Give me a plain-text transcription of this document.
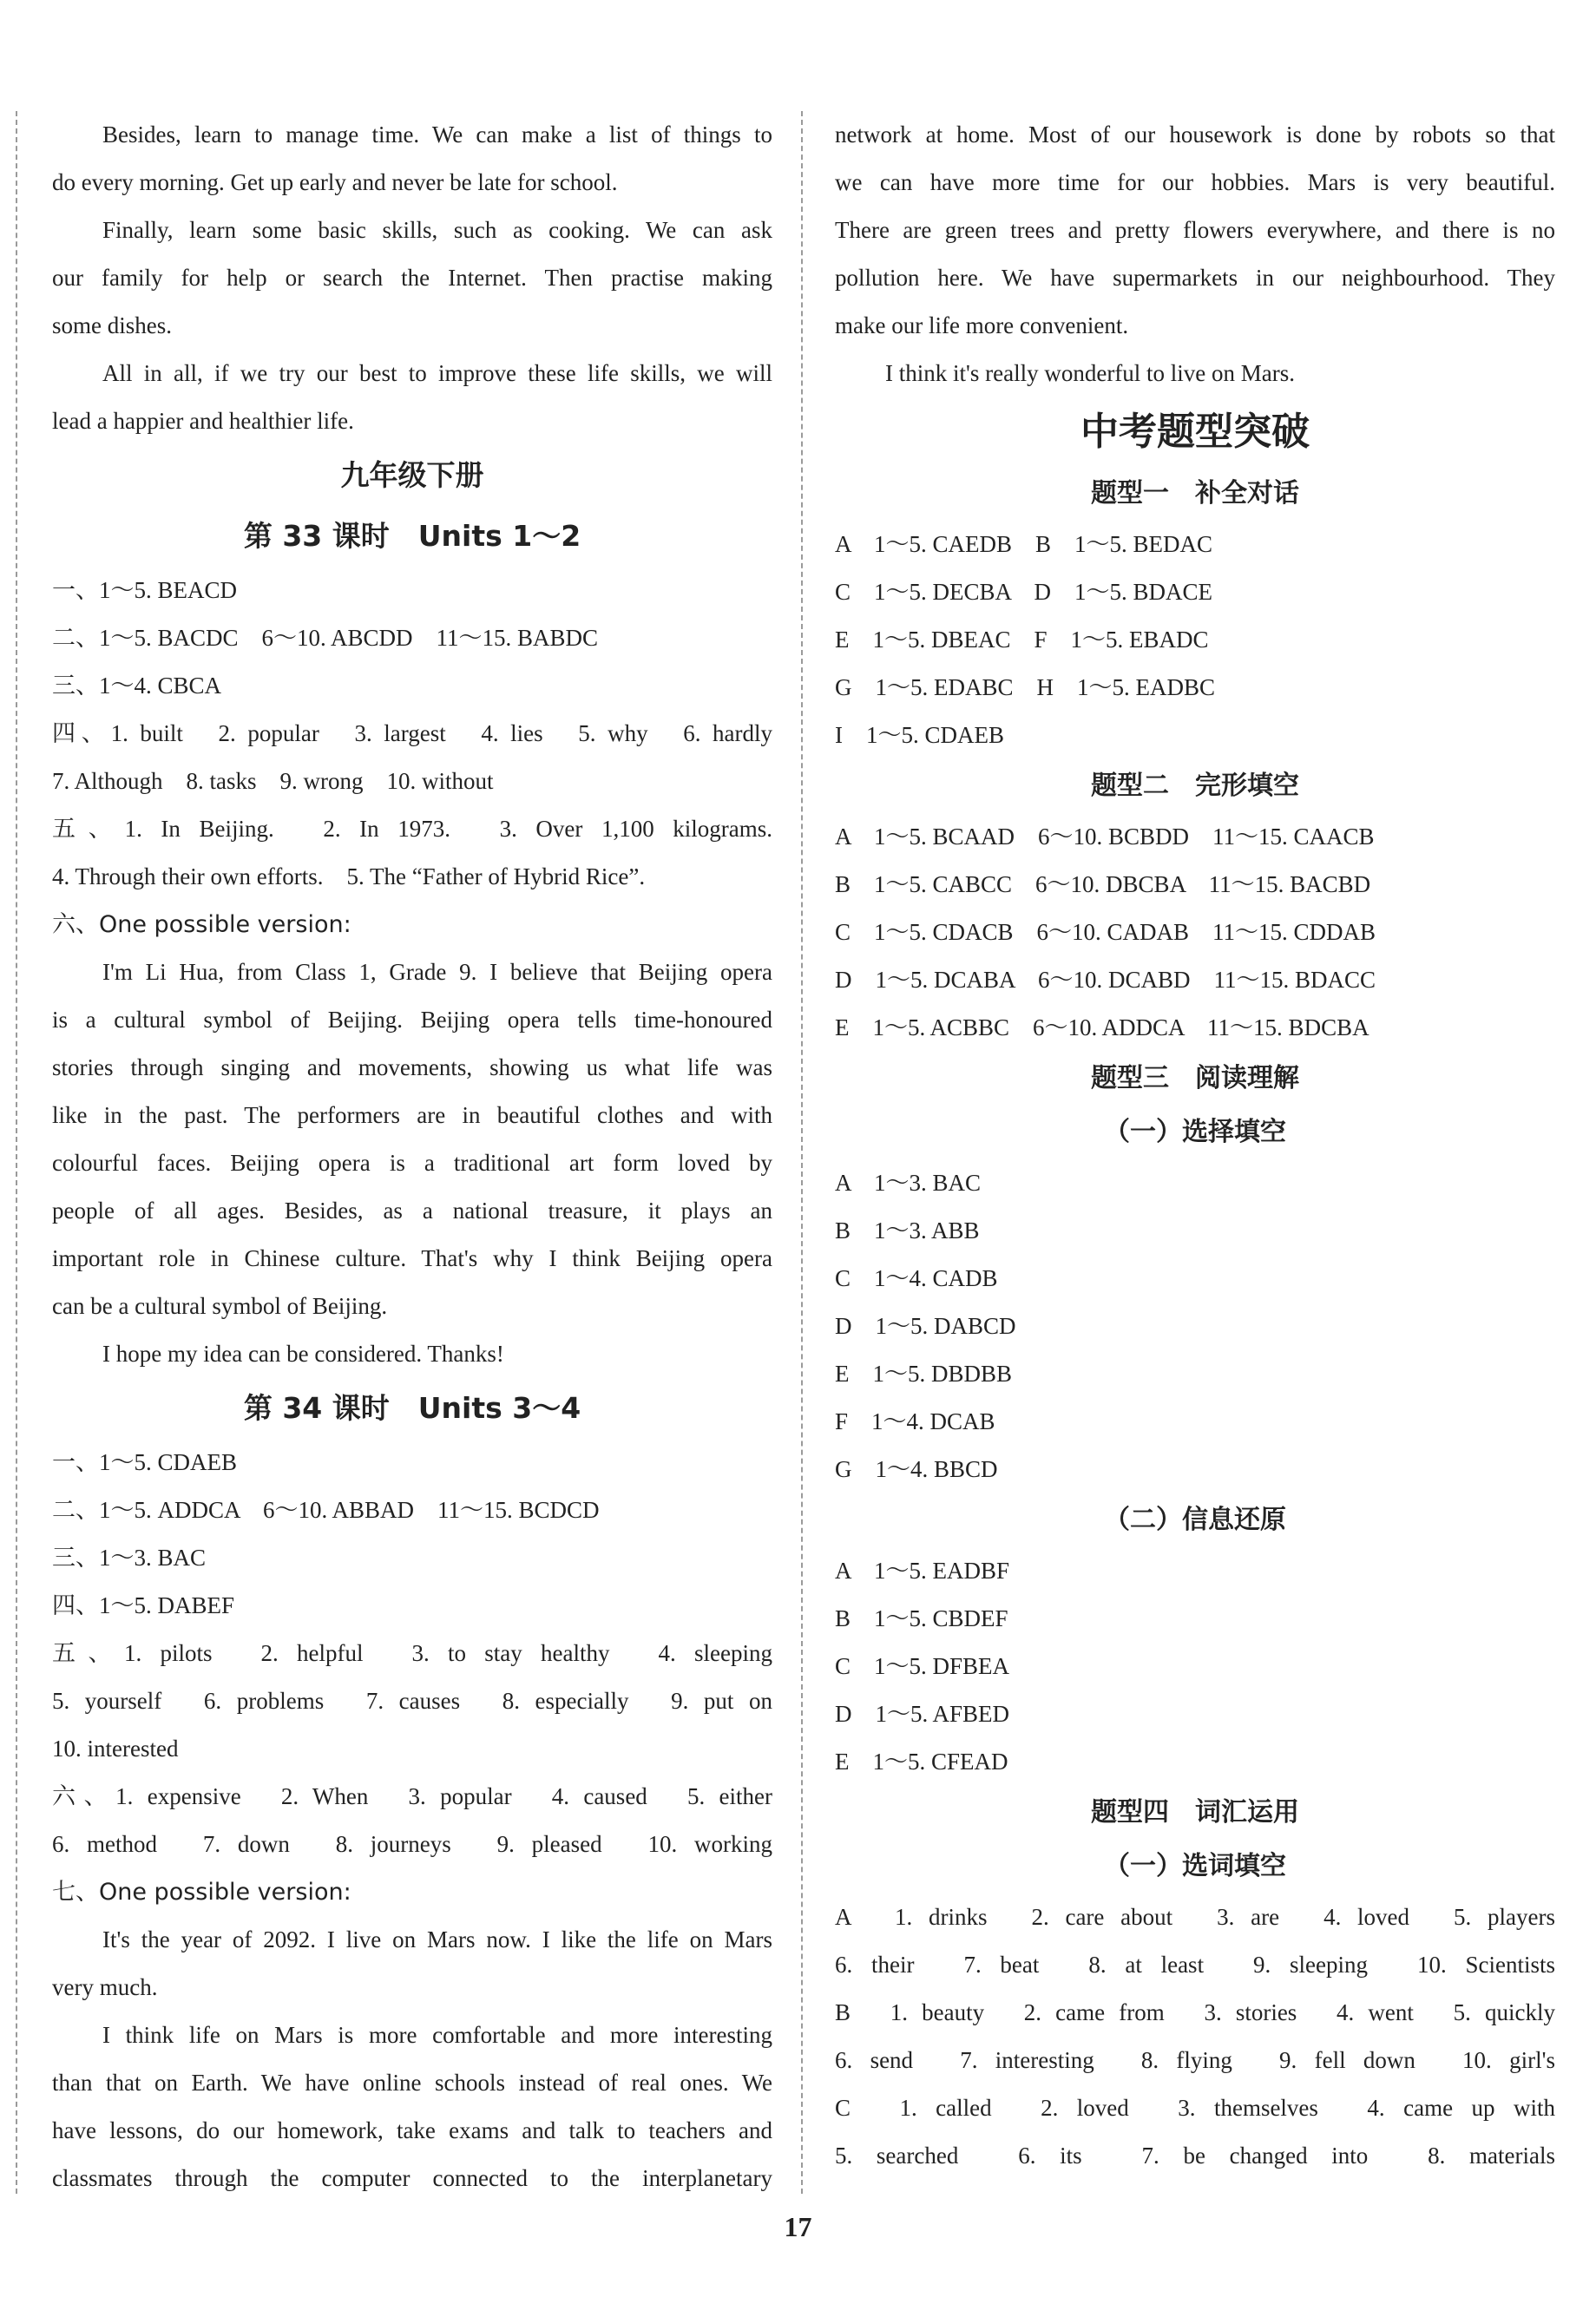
Besides, learn to manage time. We can make a list of things to
do every morning. Get up early and never be late for school.
Finally, learn some basic skills, such as cooking. We can ask
our family for help or search the Internet. Then practise making
some dishes.
All in all, if we try our best to improve these life skills, we will
lead a happier and healthier life.
九年级下册
第 33 课时　Units 1～2
一、1～5. BEACD
二、1～5. BACDC　6～10. ABCDD　11～15. BABDC
三、1～4. CBCA
四、1. built　2. popular　3. largest　4. lies　5. why　6. hardly
7. Although　8. tasks　9. wrong　10. without
五、1. In Beijing.　2. In 1973.　3. Over 1,100 kilograms.
4. Through their own efforts.　5. The “Father of Hybrid Rice”.
六、One possible version:
I'm Li Hua, from Class 1, Grade 9. I believe that Beijing opera
is a cultural symbol of Beijing. Beijing opera tells time-honoured
stories through singing and movements, showing us what life was
like in the past. The performers are in beautiful clothes and with
colourful faces. Beijing opera is a traditional art form loved by
people of all ages. Besides, as a national treasure, it plays an
important role in Chinese culture. That's why I think Beijing opera
can be a cultural symbol of Beijing.
I hope my idea can be considered. Thanks!
第 34 课时　Units 3～4
一、1～5. CDAEB
二、1～5. ADDCA　6～10. ABBAD　11～15. BCDCD
三、1～3. BAC
四、1～5. DABEF
五、1. pilots　2. helpful　3. to stay healthy　4. sleeping
5. yourself　6. problems　7. causes　8. especially　9. put on
10. interested
六、1. expensive　2. When　3. popular　4. caused　5. either
6. method　7. down　8. journeys　9. pleased　10. working
七、One possible version:
It's the year of 2092. I live on Mars now. I like the life on Mars
very much.
I think life on Mars is more comfortable and more interesting
than that on Earth. We have online schools instead of real ones. We
have lessons, do our homework, take exams and talk to teachers and
classmates through the computer connected to the interplanetary
network at home. Most of our housework is done by robots so that
we can have more time for our hobbies. Mars is very beautiful.
There are green trees and pretty flowers everywhere, and there is no
pollution here. We have supermarkets in our neighbourhood. They
make our life more convenient.
I think it's really wonderful to live on Mars.
中考题型突破
题型一　补全对话
A　1～5. CAEDB　B　1～5. BEDAC
C　1～5. DECBA　D　1～5. BDACE
E　1～5. DBEAC　F　1～5. EBADC
G　1～5. EDABC　H　1～5. EADBC
I　1～5. CDAEB
题型二　完形填空
A　1～5. BCAAD　6～10. BCBDD　11～15. CAACB
B　1～5. CABCC　6～10. DBCBA　11～15. BACBD
C　1～5. CDACB　6～10. CADAB　11～15. CDDAB
D　1～5. DCABA　6～10. DCABD　11～15. BDACC
E　1～5. ACBBC　6～10. ADDCA　11～15. BDCBA
题型三　阅读理解
（一）选择填空
A　1～3. BAC
B　1～3. ABB
C　1～4. CADB
D　1～5. DABCD
E　1～5. DBDBB
F　1～4. DCAB
G　1～4. BBCD
（二）信息还原
A　1～5. EADBF
B　1～5. CBDEF
C　1～5. DFBEA
D　1～5. AFBED
E　1～5. CFEAD
题型四　词汇运用
（一）选词填空
A　1. drinks　2. care about　3. are　4. loved　5. players
6. their　7. beat　8. at least　9. sleeping　10. Scientists
B　1. beauty　2. came from　3. stories　4. went　5. quickly
6. send　7. interesting　8. flying　9. fell down　10. girl's
C　1. called　2. loved　3. themselves　4. came up with
5. searched　6. its　7. be changed into　8. materials
17
